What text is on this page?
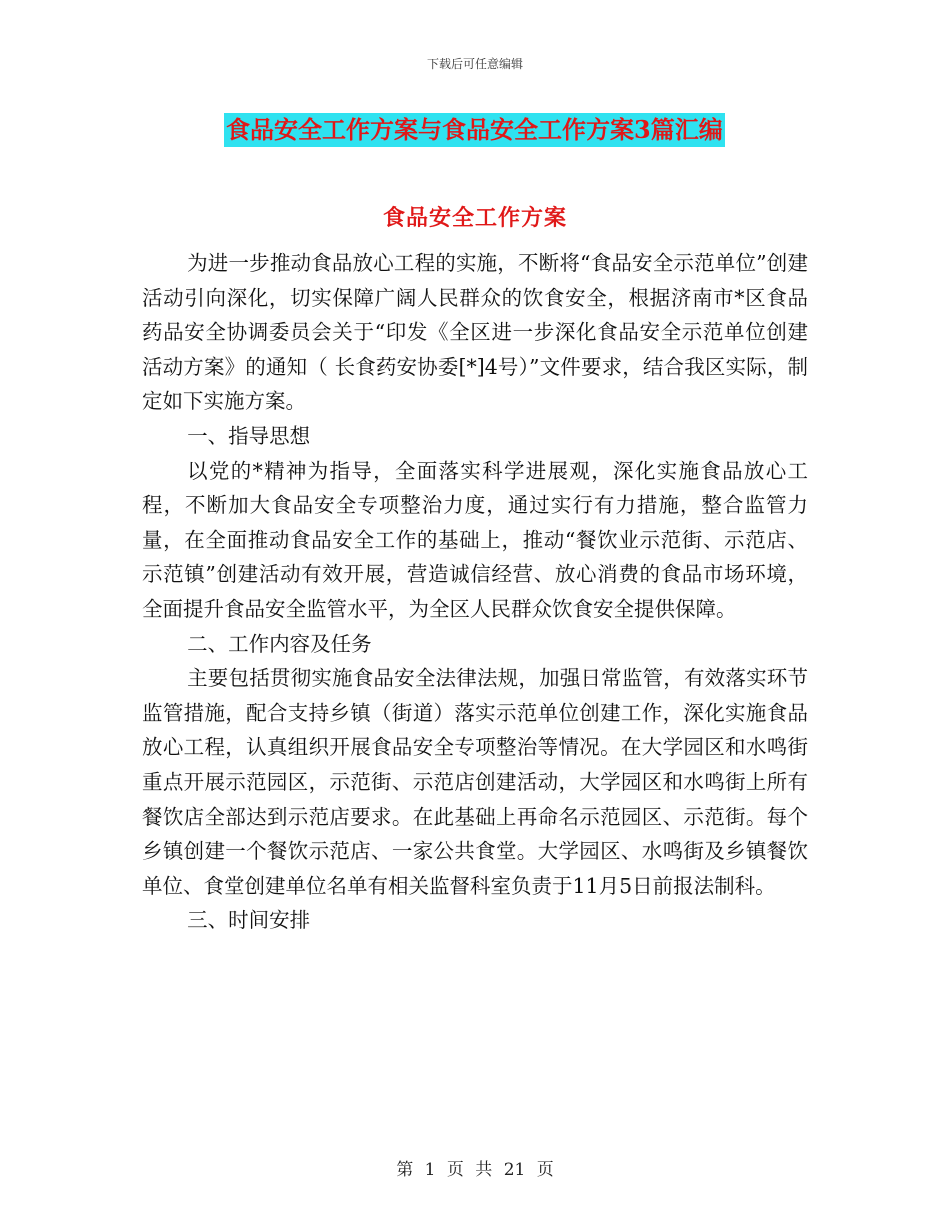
下载后可任意编辑
食品安全工作方案与食品安全工作方案3篇汇编
食品安全工作方案

为进一步推动食品放心工程的实施，不断将“食品安全示范单位”创建活动引向深化，切实保障广阔人民群众的饮食安全，根据济南市*区食品药品安全协调委员会关于“印发《全区进一步深化食品安全示范单位创建活动方案》的通知（ 长食药安协委[*]4号）”文件要求，结合我区实际，制定如下实施方案。

一、指导思想

以党的*精神为指导，全面落实科学进展观，深化实施食品放心工程，不断加大食品安全专项整治力度，通过实行有力措施，整合监管力量，在全面推动食品安全工作的基础上，推动“餐饮业示范街、示范店、示范镇”创建活动有效开展，营造诚信经营、放心消费的食品市场环境，全面提升食品安全监管水平，为全区人民群众饮食安全提供保障。

二、工作内容及任务

主要包括贯彻实施食品安全法律法规，加强日常监管，有效落实环节监管措施，配合支持乡镇（街道）落实示范单位创建工作，深化实施食品放心工程，认真组织开展食品安全专项整治等情况。在大学园区和水鸣街重点开展示范园区，示范街、示范店创建活动，大学园区和水鸣街上所有餐饮店全部达到示范店要求。在此基础上再命名示范园区、示范街。每个乡镇创建一个餐饮示范店、一家公共食堂。大学园区、水鸣街及乡镇餐饮单位、食堂创建单位名单有相关监督科室负责于11月5日前报法制科。

三、时间安排

第 1 页 共 21 页
